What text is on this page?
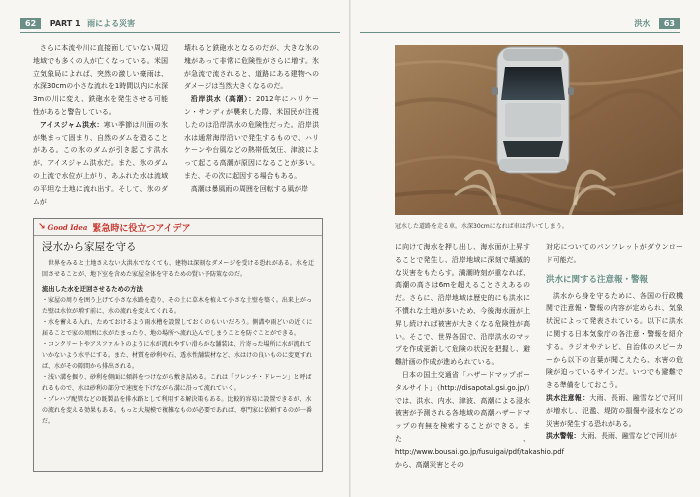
62 PART 1 雨による災害	洪水 63

さらに本流や川に直接面していない周辺地域でも多くの人が亡くなっている。米国立気象局によれば、突然の激しい豪雨は、水深30cmの小さな流れを1時間以内に水深3mの川に変え、鉄砲水を発生させる可能性があると警告している。

アイスジャム洪水：寒い季節は川面の氷が集まって固まり、自然のダムを造ることがある。この氷のダムが引き起こす洪水が、アイスジャム洪水だ。また、氷のダムの上流で水位が上がり、あふれた水は流域の平坦な土地に流れ出す。そして、氷のダムが

壊れると鉄砲水となるのだが、大きな氷の塊があって非常に危険性がさらに増す。氷が急流で流されると、道路にある建物へのダメージは当然大きくなるのだ。

沿岸洪水（高潮）：2012年にハリケーン・サンディが襲来した際、米国民が注視したのは沿岸洪水の危険性だった。沿岸洪水は通常海岸沿いで発生するもので、ハリケーンや台風などの熱帯低気圧、津波によって起こる高潮が原因になることが多い。また、その次に起因する場合もある。

高潮は暴風雨の周囲を回転する風が岸

↘ Good Idea 緊急時に役立つアイデア
浸水から家屋を守る
世界をみると土地さえない大洪水でなくても、建物は深刻なダメージを受ける恐れがある。水を迂回させることが、地下室を含めた家屋全体を守るための賢い予防策なのだ。
流出した水を迂回させるための方法
・家屋の周りを囲う上げて小さな水路を造り、その土に草木を植えて小さな土壁を築く。出来上がった壁は水位が増す前に、水の流れを変えてくれる。
・水を蓄える入れ、ためておけるよう雨水槽を設置しておくのもいいだろう。側溝や雨どいの近くに届ることで家の周囲に水がたまったり、地の場所へ流れ込んでしまうことを防ぐことができる。
・コンクリートやアスファルトのように水が流れやすい滑らかな舗装は、片寄った場所に水が流れていかないよう水平にする。また、材質を砂利や石、透水性舗装材など、水はけの良いものに変更すれば、水がその隙間から排出される。
・浅い溝を掘り、砂利を側面に傾斜をつけながら敷き詰める。これは「フレンチ・ドレーン」と呼ばれるもので、水は砂利の部分で速度を下げながら溝に沿って流れていく。
・プレハブ配管などの既製品を排水路として利用する解決策もある。比較的容易に設置できるが、水の流れを変える効果もある。もっと大規模で複雑なものが必要であれば、専門家に依頼するのが一番だ。
冠水した道路を走る車。水深30cmになれば車は浮いてしまう。

に向けて海水を押し出し、海水面が上昇することで発生し、沿岸地域に深刻で壊滅的な災害をもたらす。満潮時刻が重なれば、高潮の高さは6mを超えることさえあるのだ。さらに、沿岸地域は歴史的にも洪水に不慣れな土地が多いため、今後海水面が上昇し続ければ被害が大きくなる危険性が高い。そこで、世界各国で、沿岸洪水のマップを作成更新して危険の状況を把握し、避難計画の作成が進められている。

日本の国土交通省「ハザードマップポータルサイト」（http://disapotal.gsi.go.jp/）では、洪水、内水、津波、高潮による浸水被害が予測される各地域の高潮ハザードマップの有無を検索することができる。また、http://www.bousai.go.jp/fusuigai/pdf/takashio.pdf から、高潮災害とその

対応についてのパンフレットがダウンロード可能だ。

洪水に関する注意報・警報

洪水から身を守るために、各国の行政機関で注意報・警報の内容が定められ、気象状況によって発表されている。以下に洪水に関する日本気象庁の各注意・警報を紹介する。ラジオやテレビ、自治体のスピーカーから以下の言葉が聞こえたら、水害の危険が迫っているサインだ。いつでも避難できる準備をしておこう。

洪水注意報：大雨、長雨、融雪などで河川が増水し、氾濫、堤防の損傷や浸水などの災害が発生する恐れがある。

洪水警報：大雨、長雨、融雪などで河川が
